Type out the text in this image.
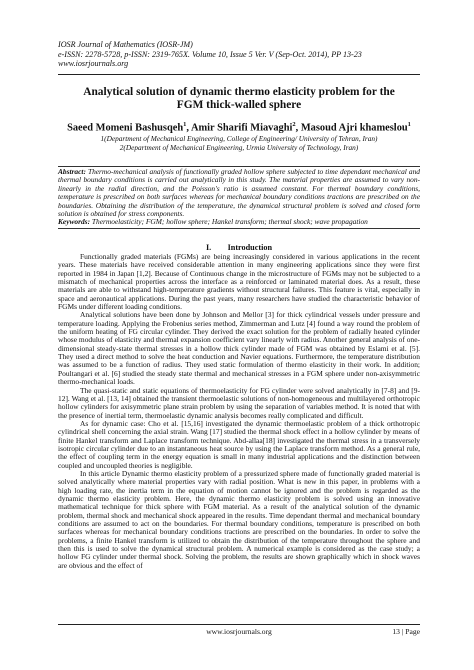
IOSR Journal of Mathematics (IOSR-JM)
e-ISSN: 2278-5728, p-ISSN: 2319-765X. Volume 10, Issue 5 Ver. V (Sep-Oct. 2014), PP 13-23
www.iosrjournals.org
Analytical solution of dynamic thermo elasticity problem for the
FGM thick-walled sphere
Saeed Momeni Bashusqeh$^1$, Amir Sharifi Miavaghi$^2$, Masoud Ajri khameslou$^1$
1(Department of Mechanical Engineering, College of Engineering/ University of Tehran, Iran)
2(Department of Mechanical Engineering, Urmia University of Technology, Iran)
Abstract: Thermo-mechanical analysis of functionally graded hollow sphere subjected to time dependant mechanical and thermal boundary conditions is carried out analytically in this study. The material properties are assumed to vary non-linearly in the radial direction, and the Poisson's ratio is assumed constant. For thermal boundary conditions, temperature is prescribed on both surfaces whereas for mechanical boundary conditions tractions are prescribed on the boundaries. Obtaining the distribution of the temperature, the dynamical structural problem is solved and closed form solution is obtained for stress components.
Keywords: Thermoelasticity; FGM; hollow sphere; Hankel transform; thermal shock; wave propagation
I.        Introduction

Functionally graded materials (FGMs) are being increasingly considered in various applications in the recent years. These materials have received considerable attention in many engineering applications since they were first reported in 1984 in Japan [1,2]. Because of Continuous change in the microstructure of FGMs may not be subjected to a mismatch of mechanical properties across the interface as a reinforced or laminated material does. As a result, these materials are able to withstand high-temperature gradients without structural failures. This feature is vital, especially in space and aeronautical applications. During the past years, many researchers have studied the characteristic behavior of FGMs under different loading conditions.

Analytical solutions have been done by Johnson and Mellor [3] for thick cylindrical vessels under pressure and temperature loading. Applying the Frobenius series method, Zimmerman and Lutz [4] found a way round the problem of the uniform heating of FG circular cylinder. They derived the exact solution for the problem of radially heated cylinder whose modulus of elasticity and thermal expansion coefficient vary linearly with radius. Another general analysis of one-dimensional steady-state thermal stresses in a hollow thick cylinder made of FGM was obtained by Eslami et al. [5]. They used a direct method to solve the heat conduction and Navier equations. Furthermore, the temperature distribution was assumed to be a function of radius. They used static formulation of thermo elasticity in their work. In addition; Poultangari et al. [6] studied the steady state thermal and mechanical stresses in a FGM sphere under non-axisymmetric thermo-mechanical loads.

The quasi-static and static equations of thermoelasticity for FG cylinder were solved analytically in [7-8] and [9-12]. Wang et al. [13, 14] obtained the transient thermoelastic solutions of non-homogeneous and multilayered orthotropic hollow cylinders for axisymmetric plane strain problem by using the separation of variables method. It is noted that with the presence of inertial term, thermoelastic dynamic analysis becomes really complicated and difficult.

As for dynamic case: Cho et al. [15,16] investigated the dynamic thermoelastic problem of a thick orthotropic cylindrical shell concerning the axial strain. Wang [17] studied the thermal shock effect in a hollow cylinder by means of finite Hankel transform and Laplace transform technique. Abd-allaa[18] investigated the thermal stress in a transversely isotropic circular cylinder due to an instantaneous heat source by using the Laplace transform method. As a general rule, the effect of coupling term in the energy equation is small in many industrial applications and the distinction between coupled and uncoupled theories is negligible.

In this article Dynamic thermo elasticity problem of a pressurized sphere made of functionally graded material is solved analytically where material properties vary with radial position. What is new in this paper, in problems with a high loading rate, the inertia term in the equation of motion cannot be ignored and the problem is regarded as the dynamic thermo elasticity problem. Here, the dynamic thermo elasticity problem is solved using an innovative mathematical technique for thick sphere with FGM material. As a result of the analytical solution of the dynamic problem, thermal shock and mechanical shock appeared in the results. Time dependant thermal and mechanical boundary conditions are assumed to act on the boundaries. For thermal boundary conditions, temperature is prescribed on both surfaces whereas for mechanical boundary conditions tractions are prescribed on the boundaries. In order to solve the problems, a finite Hankel transform is utilized to obtain the distribution of the temperature throughout the sphere and then this is used to solve the dynamical structural problem. A numerical example is considered as the case study; a hollow FG cylinder under thermal shock. Solving the problem, the results are shown graphically which in shock waves are obvious and the effect of

www.iosrjournals.org	13 | Page
